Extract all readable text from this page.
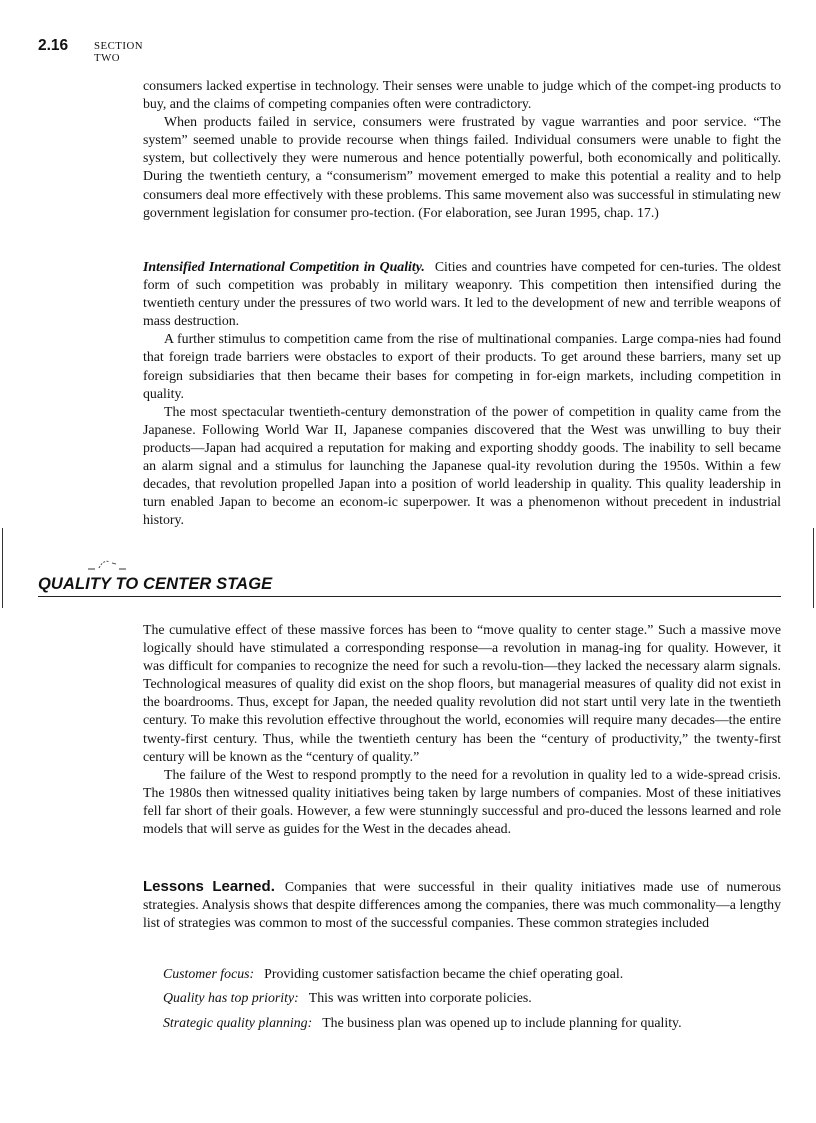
2.16 SECTION TWO

consumers lacked expertise in technology. Their senses were unable to judge which of the compet-ing products to buy, and the claims of competing companies often were contradictory.

When products failed in service, consumers were frustrated by vague warranties and poor service. “The system” seemed unable to provide recourse when things failed. Individual consumers were unable to fight the system, but collectively they were numerous and hence potentially powerful, both economically and politically. During the twentieth century, a “consumerism” movement emerged to make this potential a reality and to help consumers deal more effectively with these problems. This same movement also was successful in stimulating new government legislation for consumer pro-tection. (For elaboration, see Juran 1995, chap. 17.)

Intensified International Competition in Quality. Cities and countries have competed for cen-turies. The oldest form of such competition was probably in military weaponry. This competition then intensified during the twentieth century under the pressures of two world wars. It led to the development of new and terrible weapons of mass destruction.

A further stimulus to competition came from the rise of multinational companies. Large compa-nies had found that foreign trade barriers were obstacles to export of their products. To get around these barriers, many set up foreign subsidiaries that then became their bases for competing in for-eign markets, including competition in quality.

The most spectacular twentieth-century demonstration of the power of competition in quality came from the Japanese. Following World War II, Japanese companies discovered that the West was unwilling to buy their products—Japan had acquired a reputation for making and exporting shoddy goods. The inability to sell became an alarm signal and a stimulus for launching the Japanese qual-ity revolution during the 1950s. Within a few decades, that revolution propelled Japan into a position of world leadership in quality. This quality leadership in turn enabled Japan to become an econom-ic superpower. It was a phenomenon without precedent in industrial history.

QUALITY TO CENTER STAGE

The cumulative effect of these massive forces has been to “move quality to center stage.” Such a massive move logically should have stimulated a corresponding response—a revolution in manag-ing for quality. However, it was difficult for companies to recognize the need for such a revolu-tion—they lacked the necessary alarm signals. Technological measures of quality did exist on the shop floors, but managerial measures of quality did not exist in the boardrooms. Thus, except for Japan, the needed quality revolution did not start until very late in the twentieth century. To make this revolution effective throughout the world, economies will require many decades—the entire twenty-first century. Thus, while the twentieth century has been the “century of productivity,” the twenty-first century will be known as the “century of quality.”

The failure of the West to respond promptly to the need for a revolution in quality led to a wide-spread crisis. The 1980s then witnessed quality initiatives being taken by large numbers of companies. Most of these initiatives fell far short of their goals. However, a few were stunningly successful and pro-duced the lessons learned and role models that will serve as guides for the West in the decades ahead.

Lessons Learned. Companies that were successful in their quality initiatives made use of numerous strategies. Analysis shows that despite differences among the companies, there was much commonality—a lengthy list of strategies was common to most of the successful companies. These common strategies included

Customer focus: Providing customer satisfaction became the chief operating goal.
Quality has top priority: This was written into corporate policies.
Strategic quality planning: The business plan was opened up to include planning for quality.
